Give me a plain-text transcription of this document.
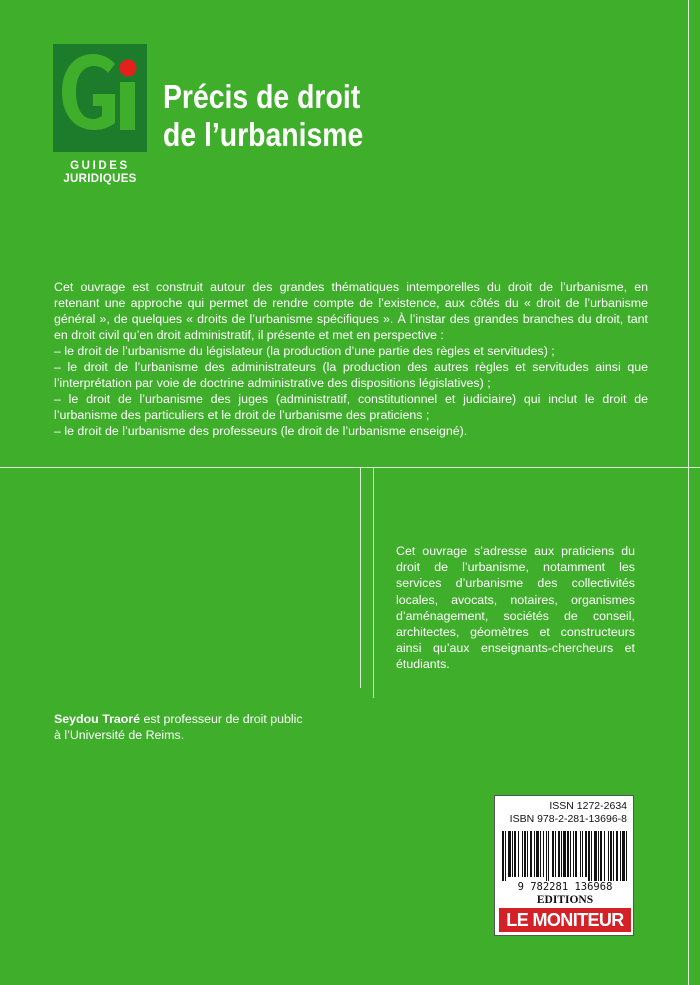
GUIDES
JURIDIQUES
Précis de droit
de l’urbanisme

Cet ouvrage est construit autour des grandes thématiques intemporelles du droit de l’urbanisme, en retenant une approche qui permet de rendre compte de l’existence, aux côtés du « droit de l’urbanisme général », de quelques « droits de l’urbanisme spécifiques ». À l’instar des grandes branches du droit, tant en droit civil qu’en droit administratif, il présente et met en perspective :

– le droit de l’urbanisme du législateur (la production d’une partie des règles et servitudes) ;

– le droit de l’urbanisme des administrateurs (la production des autres règles et servitudes ainsi que l’interprétation par voie de doctrine administrative des dispositions législatives) ;

– le droit de l’urbanisme des juges (administratif, constitutionnel et judiciaire) qui inclut le droit de l’urbanisme des particuliers et le droit de l’urbanisme des praticiens ;

– le droit de l’urbanisme des professeurs (le droit de l’urbanisme enseigné).

Cet ouvrage s’adresse aux praticiens du droit de l’urbanisme, notamment les services d’urbanisme des collectivités locales, avocats, notaires, organismes d’aménagement, sociétés de conseil, architectes, géomètres et constructeurs ainsi qu’aux enseignants-chercheurs et étudiants.
Seydou Traoré est professeur de droit public
à l’Université de Reims.
ISSN 1272-2634
ISBN 978-2-281-13696-8
9 782281 136968
EDITIONS
LE MONITEUR
